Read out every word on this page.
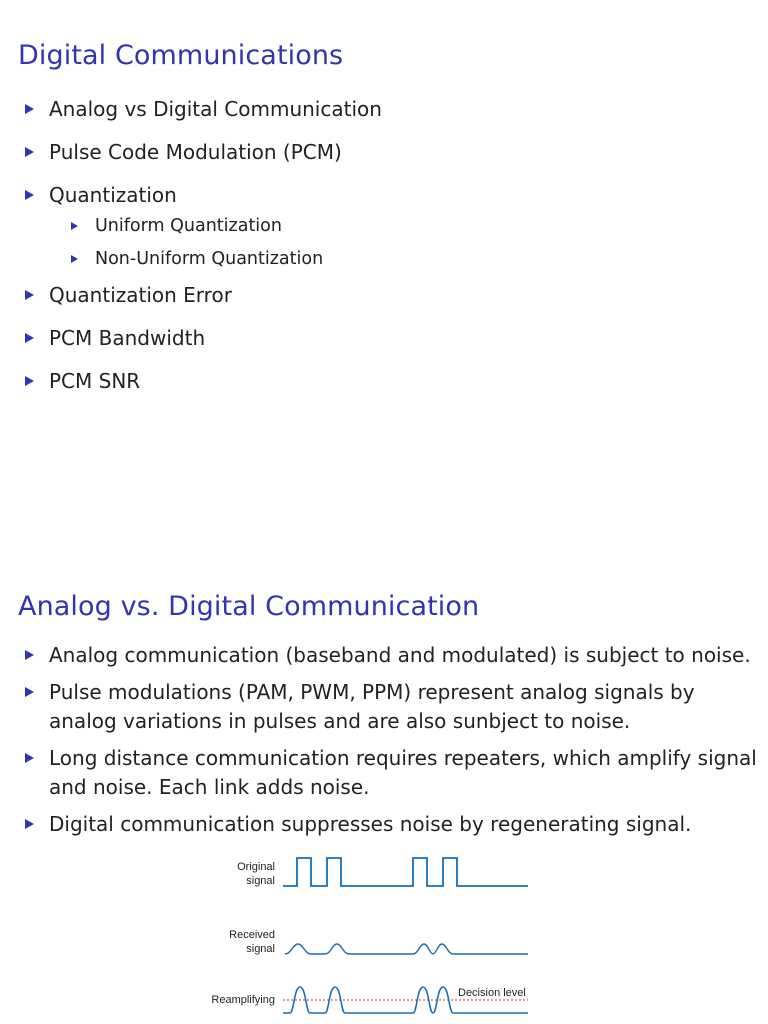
Digital Communications
Analog vs Digital Communication
Pulse Code Modulation (PCM)
Quantization
Uniform Quantization
Non-Uniform Quantization
Quantization Error
PCM Bandwidth
PCM SNR
Analog vs. Digital Communication
Analog communication (baseband and modulated) is subject to noise.
Pulse modulations (PAM, PWM, PPM) represent analog signals by analog variations in pulses and are also sunbject to noise.
Long distance communication requires repeaters, which amplify signal and noise. Each link adds noise.
Digital communication suppresses noise by regenerating signal.
Original
signal
Received
signal
Reamplifying
Decision level
